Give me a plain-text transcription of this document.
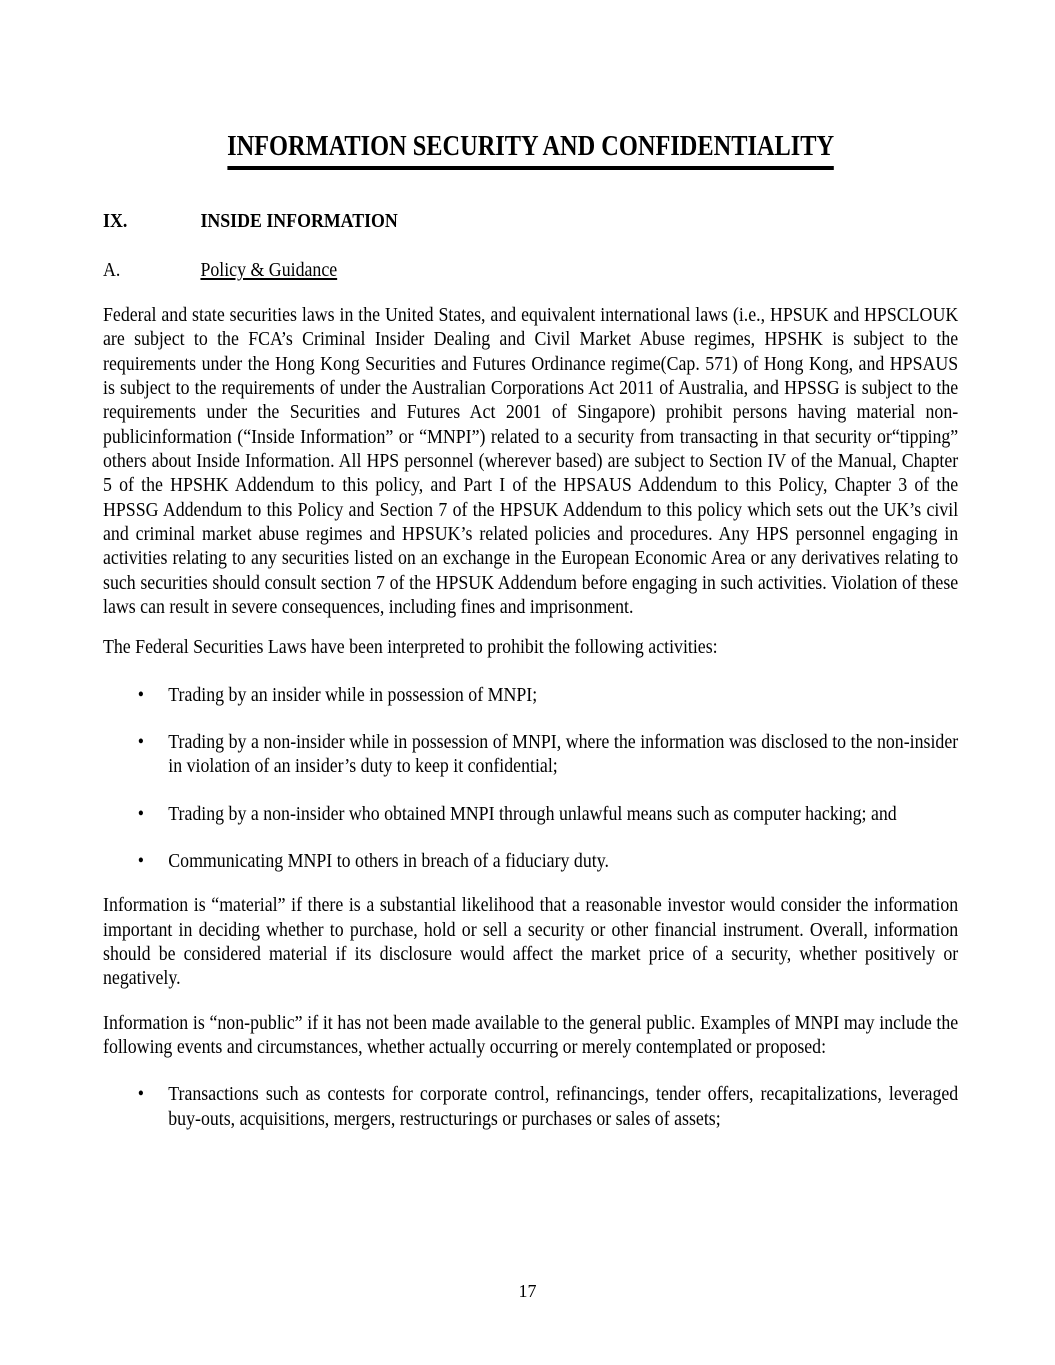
INFORMATION SECURITY AND CONFIDENTIALITY
IX.	INSIDE INFORMATION
A.	Policy & Guidance
Federal and state securities laws in the United States, and equivalent international laws (i.e., HPSUK and HPSCLOUK are subject to the FCA’s Criminal Insider Dealing and Civil Market Abuse regimes, HPSHK is subject to the requirements under the Hong Kong Securities and Futures Ordinance regime(Cap. 571) of Hong Kong, and HPSAUS is subject to the requirements of under the Australian Corporations Act 2011 of Australia, and HPSSG is subject to the requirements under the Securities and Futures Act 2001 of Singapore) prohibit persons having material non-publicinformation (“Inside Information” or “MNPI”) related to a security from transacting in that security or“tipping” others about Inside Information. All HPS personnel (wherever based) are subject to Section IV of the Manual, Chapter 5 of the HPSHK Addendum to this policy, and Part I of the HPSAUS Addendum to this Policy, Chapter 3 of the HPSSG Addendum to this Policy and Section 7 of the HPSUK Addendum to this policy which sets out the UK’s civil and criminal market abuse regimes and HPSUK’s related policies and procedures. Any HPS personnel engaging in activities relating to any securities listed on an exchange in the European Economic Area or any derivatives relating to such securities should consult section 7 of the HPSUK Addendum before engaging in such activities. Violation of these laws can result in severe consequences, including fines and imprisonment.
The Federal Securities Laws have been interpreted to prohibit the following activities:
•	Trading by an insider while in possession of MNPI;
•	Trading by a non-insider while in possession of MNPI, where the information was disclosed to the non-insider in violation of an insider’s duty to keep it confidential;
•	Trading by a non-insider who obtained MNPI through unlawful means such as computer hacking; and
•	Communicating MNPI to others in breach of a fiduciary duty.
Information is “material” if there is a substantial likelihood that a reasonable investor would consider the information important in deciding whether to purchase, hold or sell a security or other financial instrument. Overall, information should be considered material if its disclosure would affect the market price of a security, whether positively or negatively.
Information is “non-public” if it has not been made available to the general public. Examples of MNPI may include the following events and circumstances, whether actually occurring or merely contemplated or proposed:
•	Transactions such as contests for corporate control, refinancings, tender offers, recapitalizations, leveraged buy-outs, acquisitions, mergers, restructurings or purchases or sales of assets;
17
